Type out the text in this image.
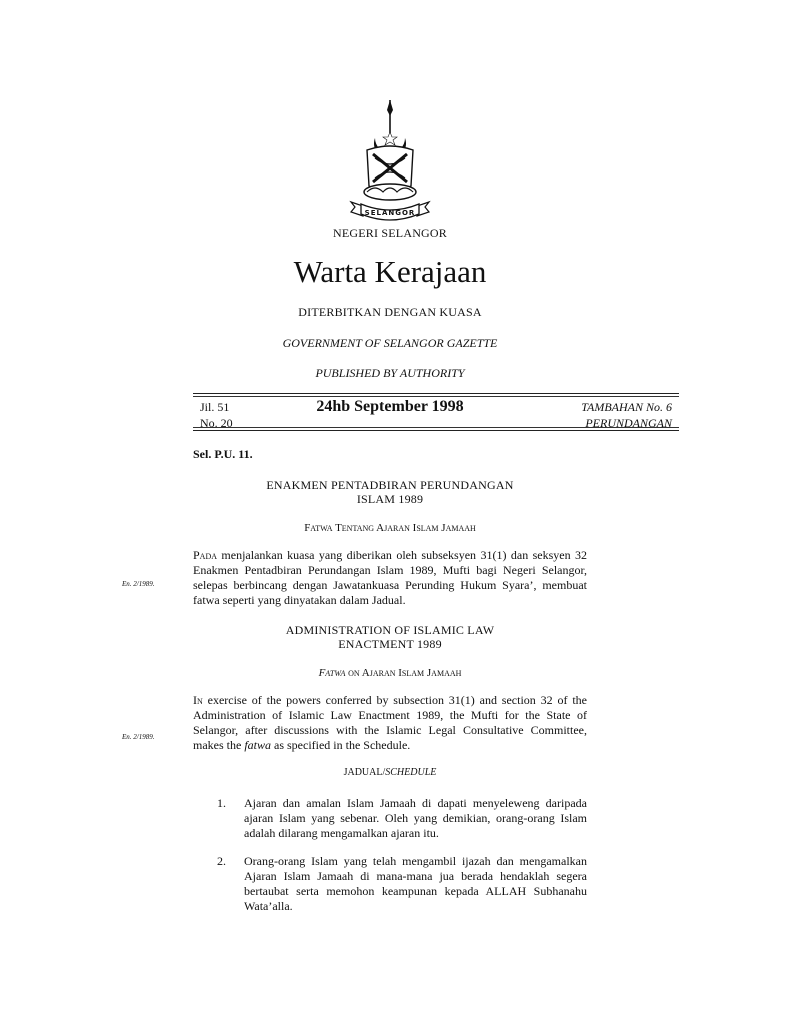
SELANGOR
NEGERI SELANGOR
Warta Kerajaan
DITERBITKAN DENGAN KUASA
GOVERNMENT OF SELANGOR GAZETTE
PUBLISHED BY AUTHORITY
Jil. 51
No. 20
24hb September 1998	TAMBAHAN No. 6
PERUNDANGAN
Sel. P.U. 11.
ENAKMEN PENTADBIRAN PERUNDANGAN
ISLAM 1989
Fatwa Tentang Ajaran Islam Jamaah
Pada menjalankan kuasa yang diberikan oleh subseksyen 31(1) dan seksyen 32 Enakmen Pentadbiran Perundangan Islam 1989, Mufti bagi Negeri Selangor, selepas berbincang dengan Jawatankuasa Perunding Hukum Syara’, membuat fatwa seperti yang dinyatakan dalam Jadual.
En. 2/1989.
ADMINISTRATION OF ISLAMIC LAW
ENACTMENT 1989
Fatwa on Ajaran Islam Jamaah
In exercise of the powers conferred by subsection 31(1) and section 32 of the Administration of Islamic Law Enactment 1989, the Mufti for the State of Selangor, after discussions with the Islamic Legal Consultative Committee, makes the fatwa as specified in the Schedule.
En. 2/1989.
JADUAL/SCHEDULE
1. Ajaran dan amalan Islam Jamaah di dapati menyeleweng daripada ajaran Islam yang sebenar. Oleh yang demikian, orang-orang Islam adalah dilarang mengamalkan ajaran itu.
2. Orang-orang Islam yang telah mengambil ijazah dan mengamalkan Ajaran Islam Jamaah di mana-mana jua berada hendaklah segera bertaubat serta memohon keampunan kepada ALLAH Subhanahu Wata’alla.
